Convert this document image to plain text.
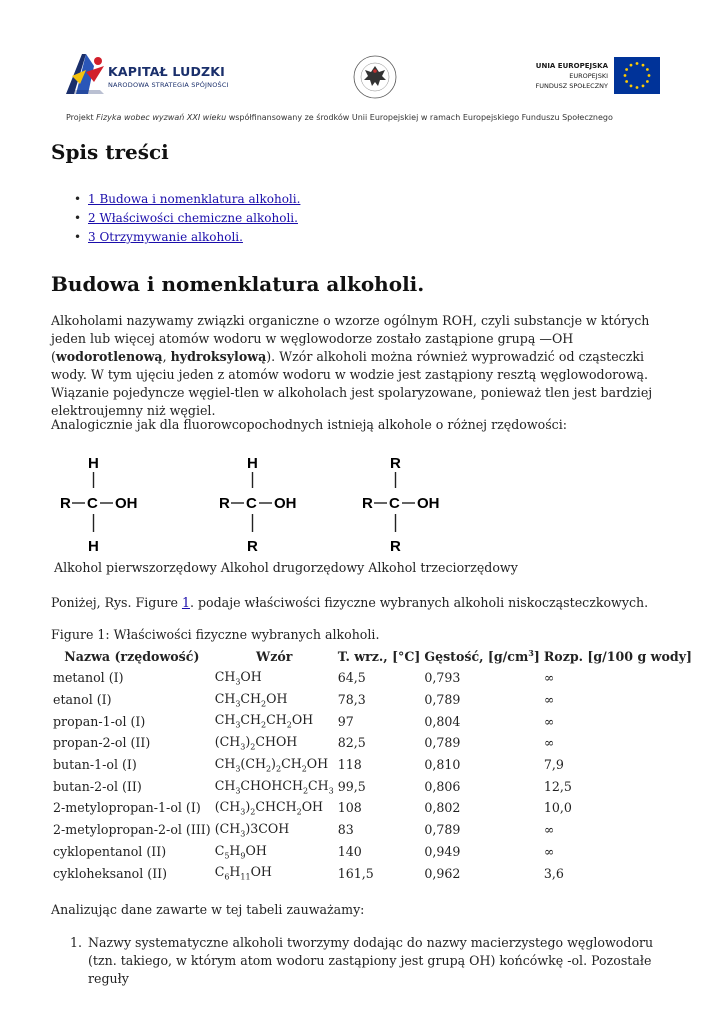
KAPITAŁ LUDZKI
NARODOWA STRATEGIA SPÓJNOŚCI
UNIA EUROPEJSKA
EUROPEJSKI
FUNDUSZ SPOŁECZNY
Projekt Fizyka wobec wyzwań XXI wieku współfinansowany ze środków Unii Europejskiej w ramach Europejskiego Funduszu Społecznego
Spis treści
• 1 Budowa i nomenklatura alkoholi.
• 2 Właściwości chemiczne alkoholi.
• 3 Otrzymywanie alkoholi.
Budowa i nomenklatura alkoholi.

Alkoholami nazywamy związki organiczne o wzorze ogólnym ROH, czyli substancje w których jeden lub więcej atomów wodoru w węglowodorze zostało zastąpione grupą —OH (wodorotlenową, hydroksylową). Wzór alkoholi można również wyprowadzić od cząsteczki wody. W tym ujęciu jeden z atomów wodoru w wodzie jest zastąpiony resztą węglowodorową. Wiązanie pojedyncze węgiel-tlen w alkoholach jest spolaryzowane, ponieważ tlen jest bardziej elektroujemny niż węgiel.

Analogicznie jak dla fluorowcopochodnych istnieją alkohole o różnej rzędowości:

H
R C OH
H
H
R C OH
R
R
R C OH
R
Alkohol pierwszorzędowy Alkohol drugorzędowy Alkohol trzeciorzędowy

Poniżej, Rys. Figure 1. podaje właściwości fizyczne wybranych alkoholi niskocząsteczkowych.

Figure 1: Właściwości fizyczne wybranych alkoholi.
Nazwa (rzędowość)	Wzór	T. wrz., [°C]	Gęstość, $[g/cm^3]$	Rozp. [g/100 g wody]
metanol (I)	$CH_3OH$	64,5	0,793	∞
etanol (I)	$CH_3CH_2OH$	78,3	0,789	∞
propan-1-ol (I)	$CH_3CH_2CH_2OH$	97	0,804	∞
propan-2-ol (II)	$(CH_3)_2CHOH$	82,5	0,789	∞
butan-1-ol (I)	$CH_3(CH_2)_2CH_2OH$	118	0,810	7,9
butan-2-ol (II)	$CH_3CHOHCH_2CH_3$	99,5	0,806	12,5
2-metylopropan-1-ol (I)	$(CH_3)_2CHCH_2OH$	108	0,802	10,0
2-metylopropan-2-ol (III)	$(CH_3)3COH$	83	0,789	∞
cyklopentanol (II)	$C_5H_9OH$	140	0,949	∞
cykloheksanol (II)	$C_6H_{11}OH$	161,5	0,962	3,6

Analizując dane zawarte w tej tabeli zauważamy:

1. Nazwy systematyczne alkoholi tworzymy dodając do nazwy macierzystego węglowodoru (tzn. takiego, w którym atom wodoru zastąpiony jest grupą OH) końcówkę -ol. Pozostałe reguły
